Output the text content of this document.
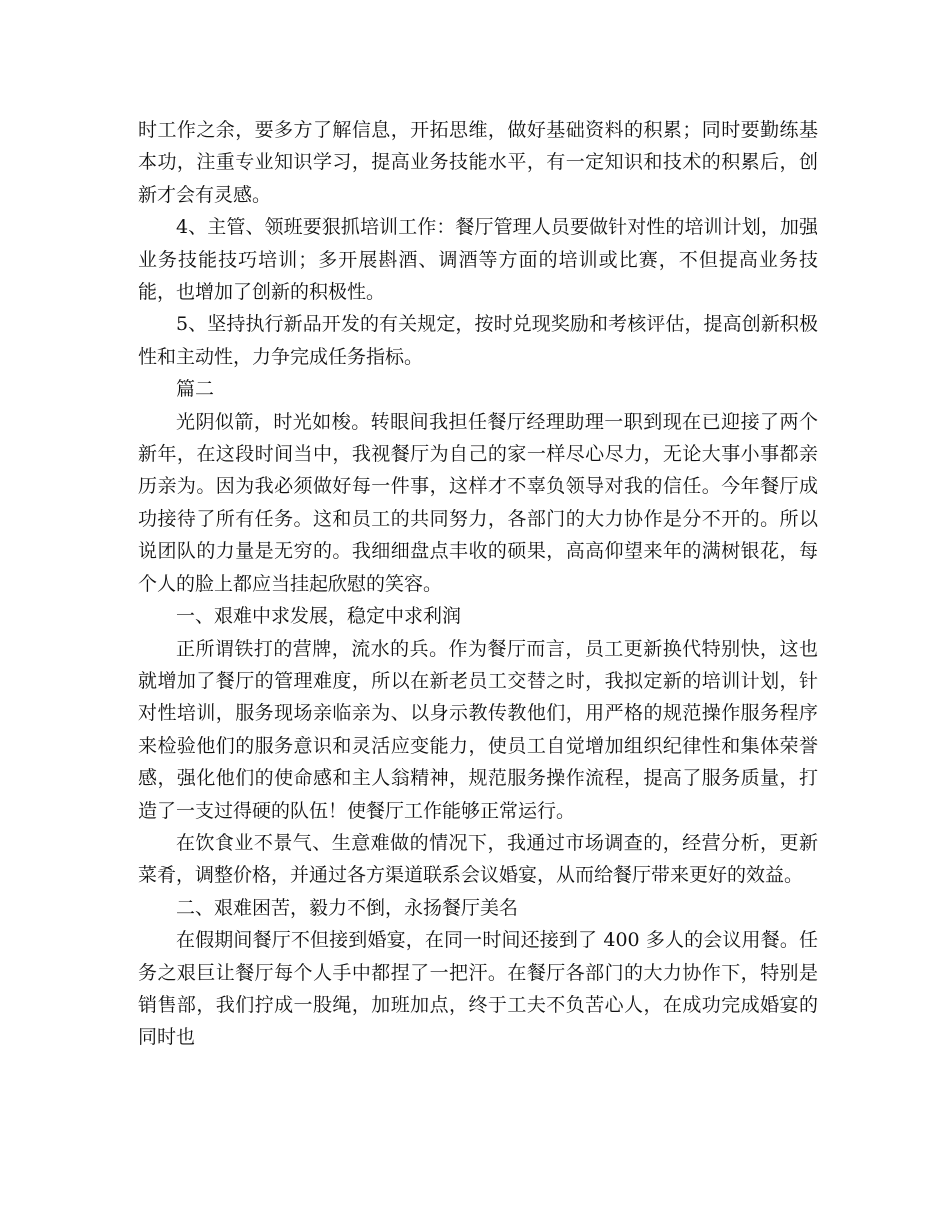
时工作之余，要多方了解信息，开拓思维，做好基础资料的积累；同时要勤练基本功，注重专业知识学习，提高业务技能水平，有一定知识和技术的积累后，创新才会有灵感。

4、主管、领班要狠抓培训工作：餐厅管理人员要做针对性的培训计划，加强业务技能技巧培训；多开展斟酒、调酒等方面的培训或比赛，不但提高业务技能，也增加了创新的积极性。

5、坚持执行新品开发的有关规定，按时兑现奖励和考核评估，提高创新积极性和主动性，力争完成任务指标。

篇二

光阴似箭，时光如梭。转眼间我担任餐厅经理助理一职到现在已迎接了两个新年，在这段时间当中，我视餐厅为自己的家一样尽心尽力，无论大事小事都亲历亲为。因为我必须做好每一件事，这样才不辜负领导对我的信任。今年餐厅成功接待了所有任务。这和员工的共同努力，各部门的大力协作是分不开的。所以说团队的力量是无穷的。我细细盘点丰收的硕果，高高仰望来年的满树银花，每个人的脸上都应当挂起欣慰的笑容。

一、艰难中求发展，稳定中求利润

正所谓铁打的营牌，流水的兵。作为餐厅而言，员工更新换代特别快，这也就增加了餐厅的管理难度，所以在新老员工交替之时，我拟定新的培训计划，针对性培训，服务现场亲临亲为、以身示教传教他们，用严格的规范操作服务程序来检验他们的服务意识和灵活应变能力，使员工自觉增加组织纪律性和集体荣誉感，强化他们的使命感和主人翁精神，规范服务操作流程，提高了服务质量，打造了一支过得硬的队伍！使餐厅工作能够正常运行。

在饮食业不景气、生意难做的情况下，我通过市场调查的，经营分析，更新菜肴，调整价格，并通过各方渠道联系会议婚宴，从而给餐厅带来更好的效益。

二、艰难困苦，毅力不倒，永扬餐厅美名

在假期间餐厅不但接到婚宴，在同一时间还接到了 400 多人的会议用餐。任务之艰巨让餐厅每个人手中都捏了一把汗。在餐厅各部门的大力协作下，特别是销售部，我们拧成一股绳，加班加点，终于工夫不负苦心人，在成功完成婚宴的同时也
